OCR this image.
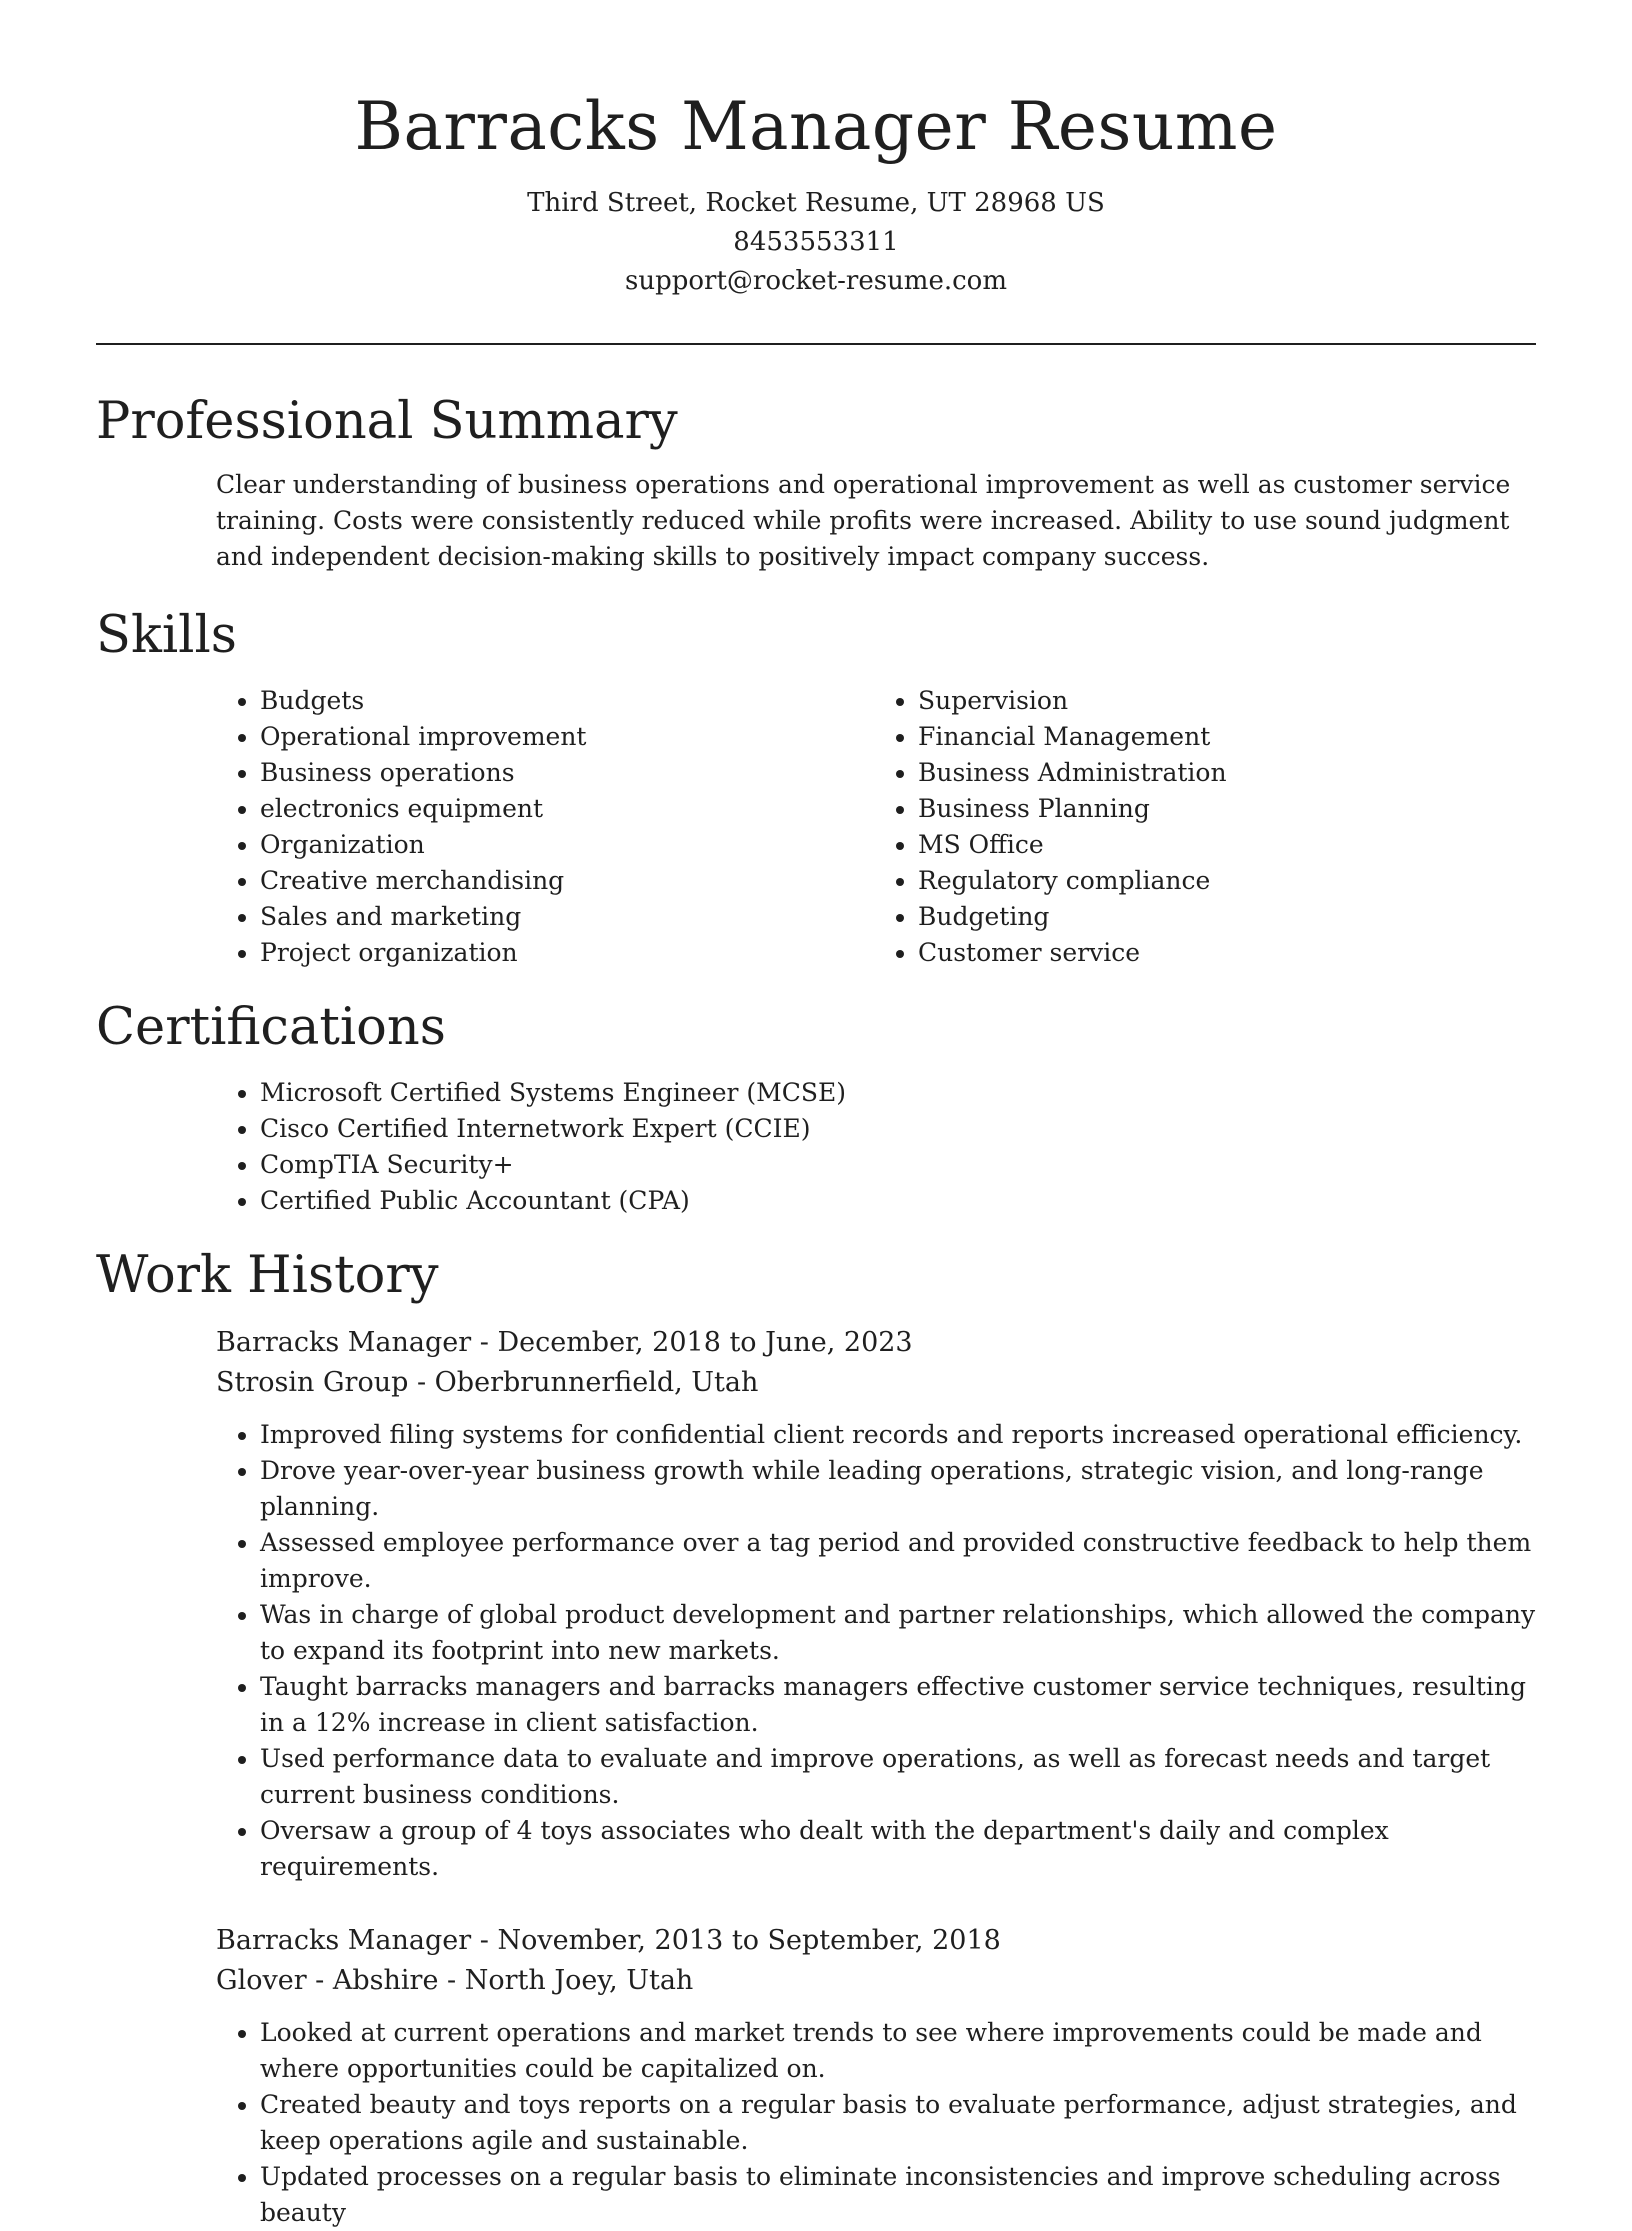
Barracks Manager Resume
Third Street, Rocket Resume, UT 28968 US
8453553311
support@rocket-resume.com
Professional Summary
Clear understanding of business operations and operational improvement as well as customer service training. Costs were consistently reduced while profits were increased. Ability to use sound judgment and independent decision-making skills to positively impact company success.
Skills
• Budgets
• Operational improvement
• Business operations
• electronics equipment
• Organization
• Creative merchandising
• Sales and marketing
• Project organization
• Supervision
• Financial Management
• Business Administration
• Business Planning
• MS Office
• Regulatory compliance
• Budgeting
• Customer service
Certifications
• Microsoft Certified Systems Engineer (MCSE)
• Cisco Certified Internetwork Expert (CCIE)
• CompTIA Security+
• Certified Public Accountant (CPA)
Work History
Barracks Manager - December, 2018 to June, 2023
Strosin Group - Oberbrunnerfield, Utah
• Improved filing systems for confidential client records and reports increased operational efficiency.
• Drove year-over-year business growth while leading operations, strategic vision, and long-range planning.
• Assessed employee performance over a tag period and provided constructive feedback to help them improve.
• Was in charge of global product development and partner relationships, which allowed the company to expand its footprint into new markets.
• Taught barracks managers and barracks managers effective customer service techniques, resulting in a 12% increase in client satisfaction.
• Used performance data to evaluate and improve operations, as well as forecast needs and target current business conditions.
• Oversaw a group of 4 toys associates who dealt with the department's daily and complex requirements.
Barracks Manager - November, 2013 to September, 2018
Glover - Abshire - North Joey, Utah
• Looked at current operations and market trends to see where improvements could be made and where opportunities could be capitalized on.
• Created beauty and toys reports on a regular basis to evaluate performance, adjust strategies, and keep operations agile and sustainable.
• Updated processes on a regular basis to eliminate inconsistencies and improve scheduling across beauty
